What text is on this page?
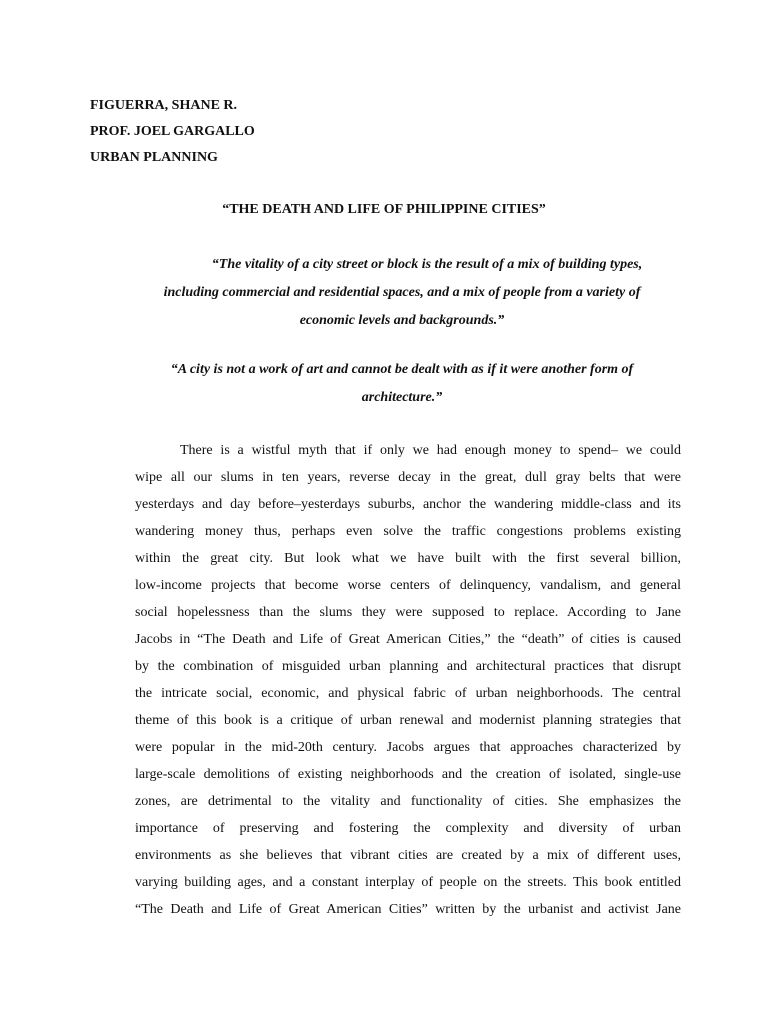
FIGUERRA, SHANE R.
PROF. JOEL GARGALLO
URBAN PLANNING
“THE DEATH AND LIFE OF PHILIPPINE CITIES”
“The vitality of a city street or block is the result of a mix of building types,
including commercial and residential spaces, and a mix of people from a variety of
economic levels and backgrounds.”
“A city is not a work of art and cannot be dealt with as if it were another form of
architecture.”
There is a wistful myth that if only we had enough money to spend– we could
wipe all our slums in ten years, reverse decay in the great, dull gray belts that were
yesterdays and day before–yesterdays suburbs, anchor the wandering middle-class and its
wandering money thus, perhaps even solve the traffic congestions problems existing
within the great city. But look what we have built with the first several billion,
low-income projects that become worse centers of delinquency, vandalism, and general
social hopelessness than the slums they were supposed to replace. According to Jane
Jacobs in “The Death and Life of Great American Cities,” the “death” of cities is caused
by the combination of misguided urban planning and architectural practices that disrupt
the intricate social, economic, and physical fabric of urban neighborhoods. The central
theme of this book is a critique of urban renewal and modernist planning strategies that
were popular in the mid-20th century. Jacobs argues that approaches characterized by
large-scale demolitions of existing neighborhoods and the creation of isolated, single-use
zones, are detrimental to the vitality and functionality of cities. She emphasizes the
importance of preserving and fostering the complexity and diversity of urban
environments as she believes that vibrant cities are created by a mix of different uses,
varying building ages, and a constant interplay of people on the streets. This book entitled
“The Death and Life of Great American Cities” written by the urbanist and activist Jane
